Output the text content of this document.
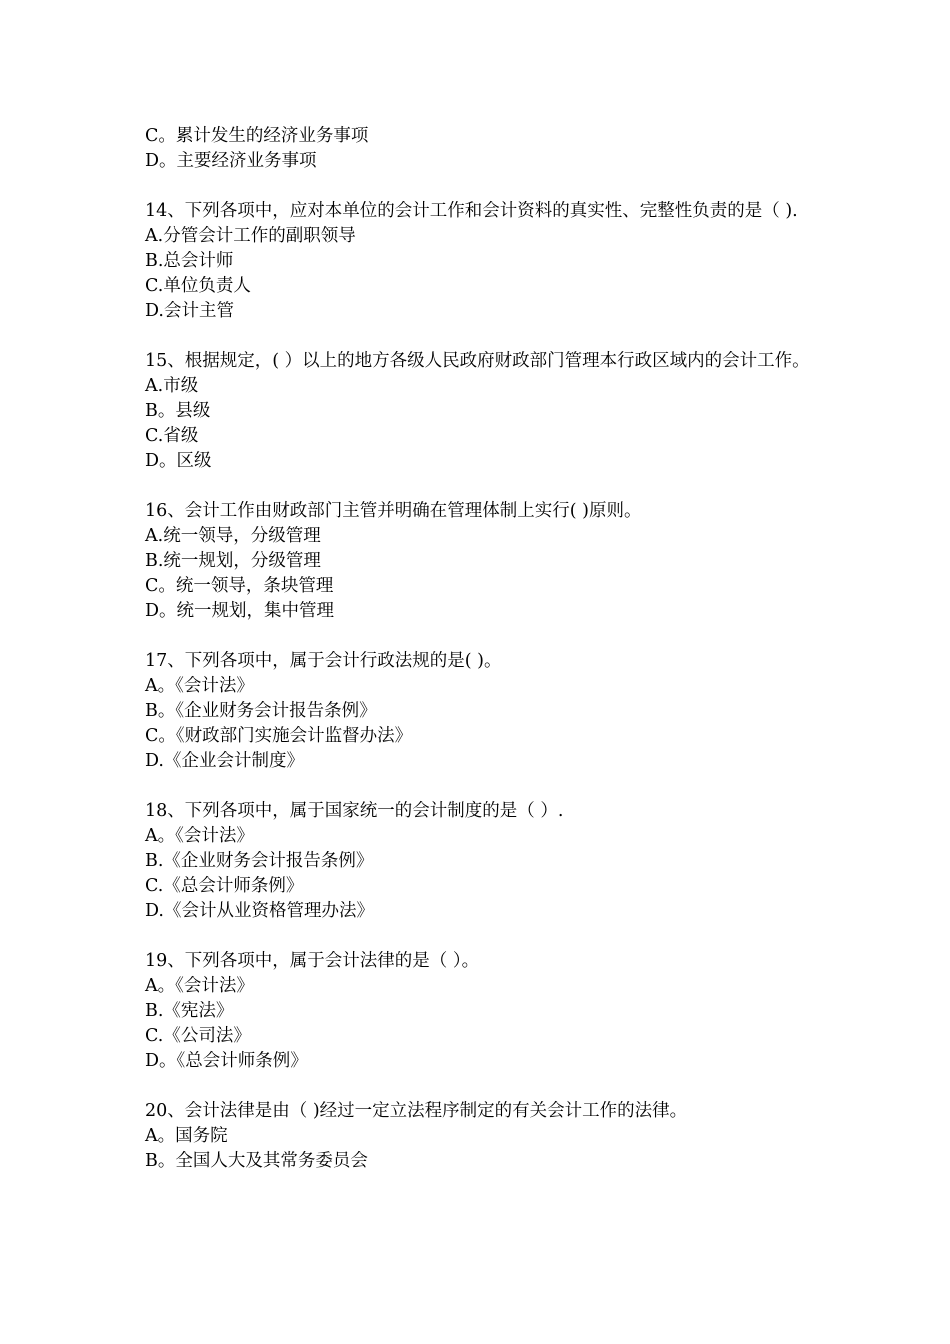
C。累计发生的经济业务事项
D。主要经济业务事项
14、下列各项中，应对本单位的会计工作和会计资料的真实性、完整性负责的是（ ).
A.分管会计工作的副职领导
B.总会计师
C.单位负责人
D.会计主管
15、根据规定，( ）以上的地方各级人民政府财政部门管理本行政区域内的会计工作。
A.市级
B。县级
C.省级
D。区级
16、会计工作由财政部门主管并明确在管理体制上实行( )原则。
A.统一领导，分级管理
B.统一规划，分级管理
C。统一领导，条块管理
D。统一规划，集中管理
17、下列各项中，属于会计行政法规的是( )。
A。《会计法》
B。《企业财务会计报告条例》
C。《财政部门实施会计监督办法》
D.《企业会计制度》
18、下列各项中，属于国家统一的会计制度的是（ ）.
A。《会计法》
B.《企业财务会计报告条例》
C.《总会计师条例》
D.《会计从业资格管理办法》
19、下列各项中，属于会计法律的是（ ）。
A。《会计法》
B.《宪法》
C.《公司法》
D。《总会计师条例》
20、会计法律是由（ )经过一定立法程序制定的有关会计工作的法律。
A。国务院
B。全国人大及其常务委员会
